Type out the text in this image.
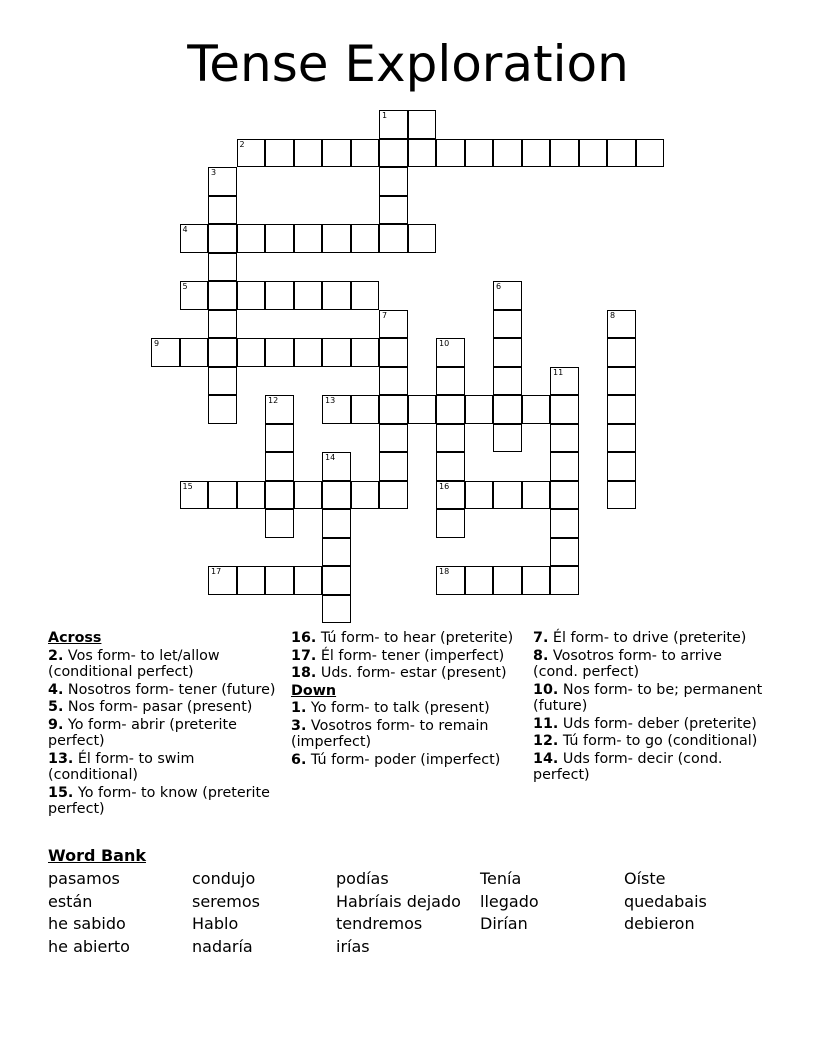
Tense Exploration
1
2
3
4
5	6
7	8
9	10
11
12	13
14
15	16
17	18

Across

2. Vos form- to let/allow (conditional perfect)

4. Nosotros form- tener (future)

5. Nos form- pasar (present)

9. Yo form- abrir (preterite perfect)

13. Él form- to swim (conditional)

15. Yo form- to know (preterite perfect)

16. Tú form- to hear (preterite)

17. Él form- tener (imperfect)

18. Uds. form- estar (present)

Down

1. Yo form- to talk (present)

3. Vosotros form- to remain (imperfect)

6. Tú form- poder (imperfect)

7. Él form- to drive (preterite)

8. Vosotros form- to arrive (cond. perfect)

10. Nos form- to be; permanent (future)

11. Uds form- deber (preterite)

12. Tú form- to go (conditional)

14. Uds form- decir (cond. perfect)

Word Bank
pasamos
están
he sabido
he abierto
condujo
seremos
Hablo
nadaría
podías
Habríais dejado
tendremos
irías
Tenía
llegado
Dirían
Oíste
quedabais
debieron
